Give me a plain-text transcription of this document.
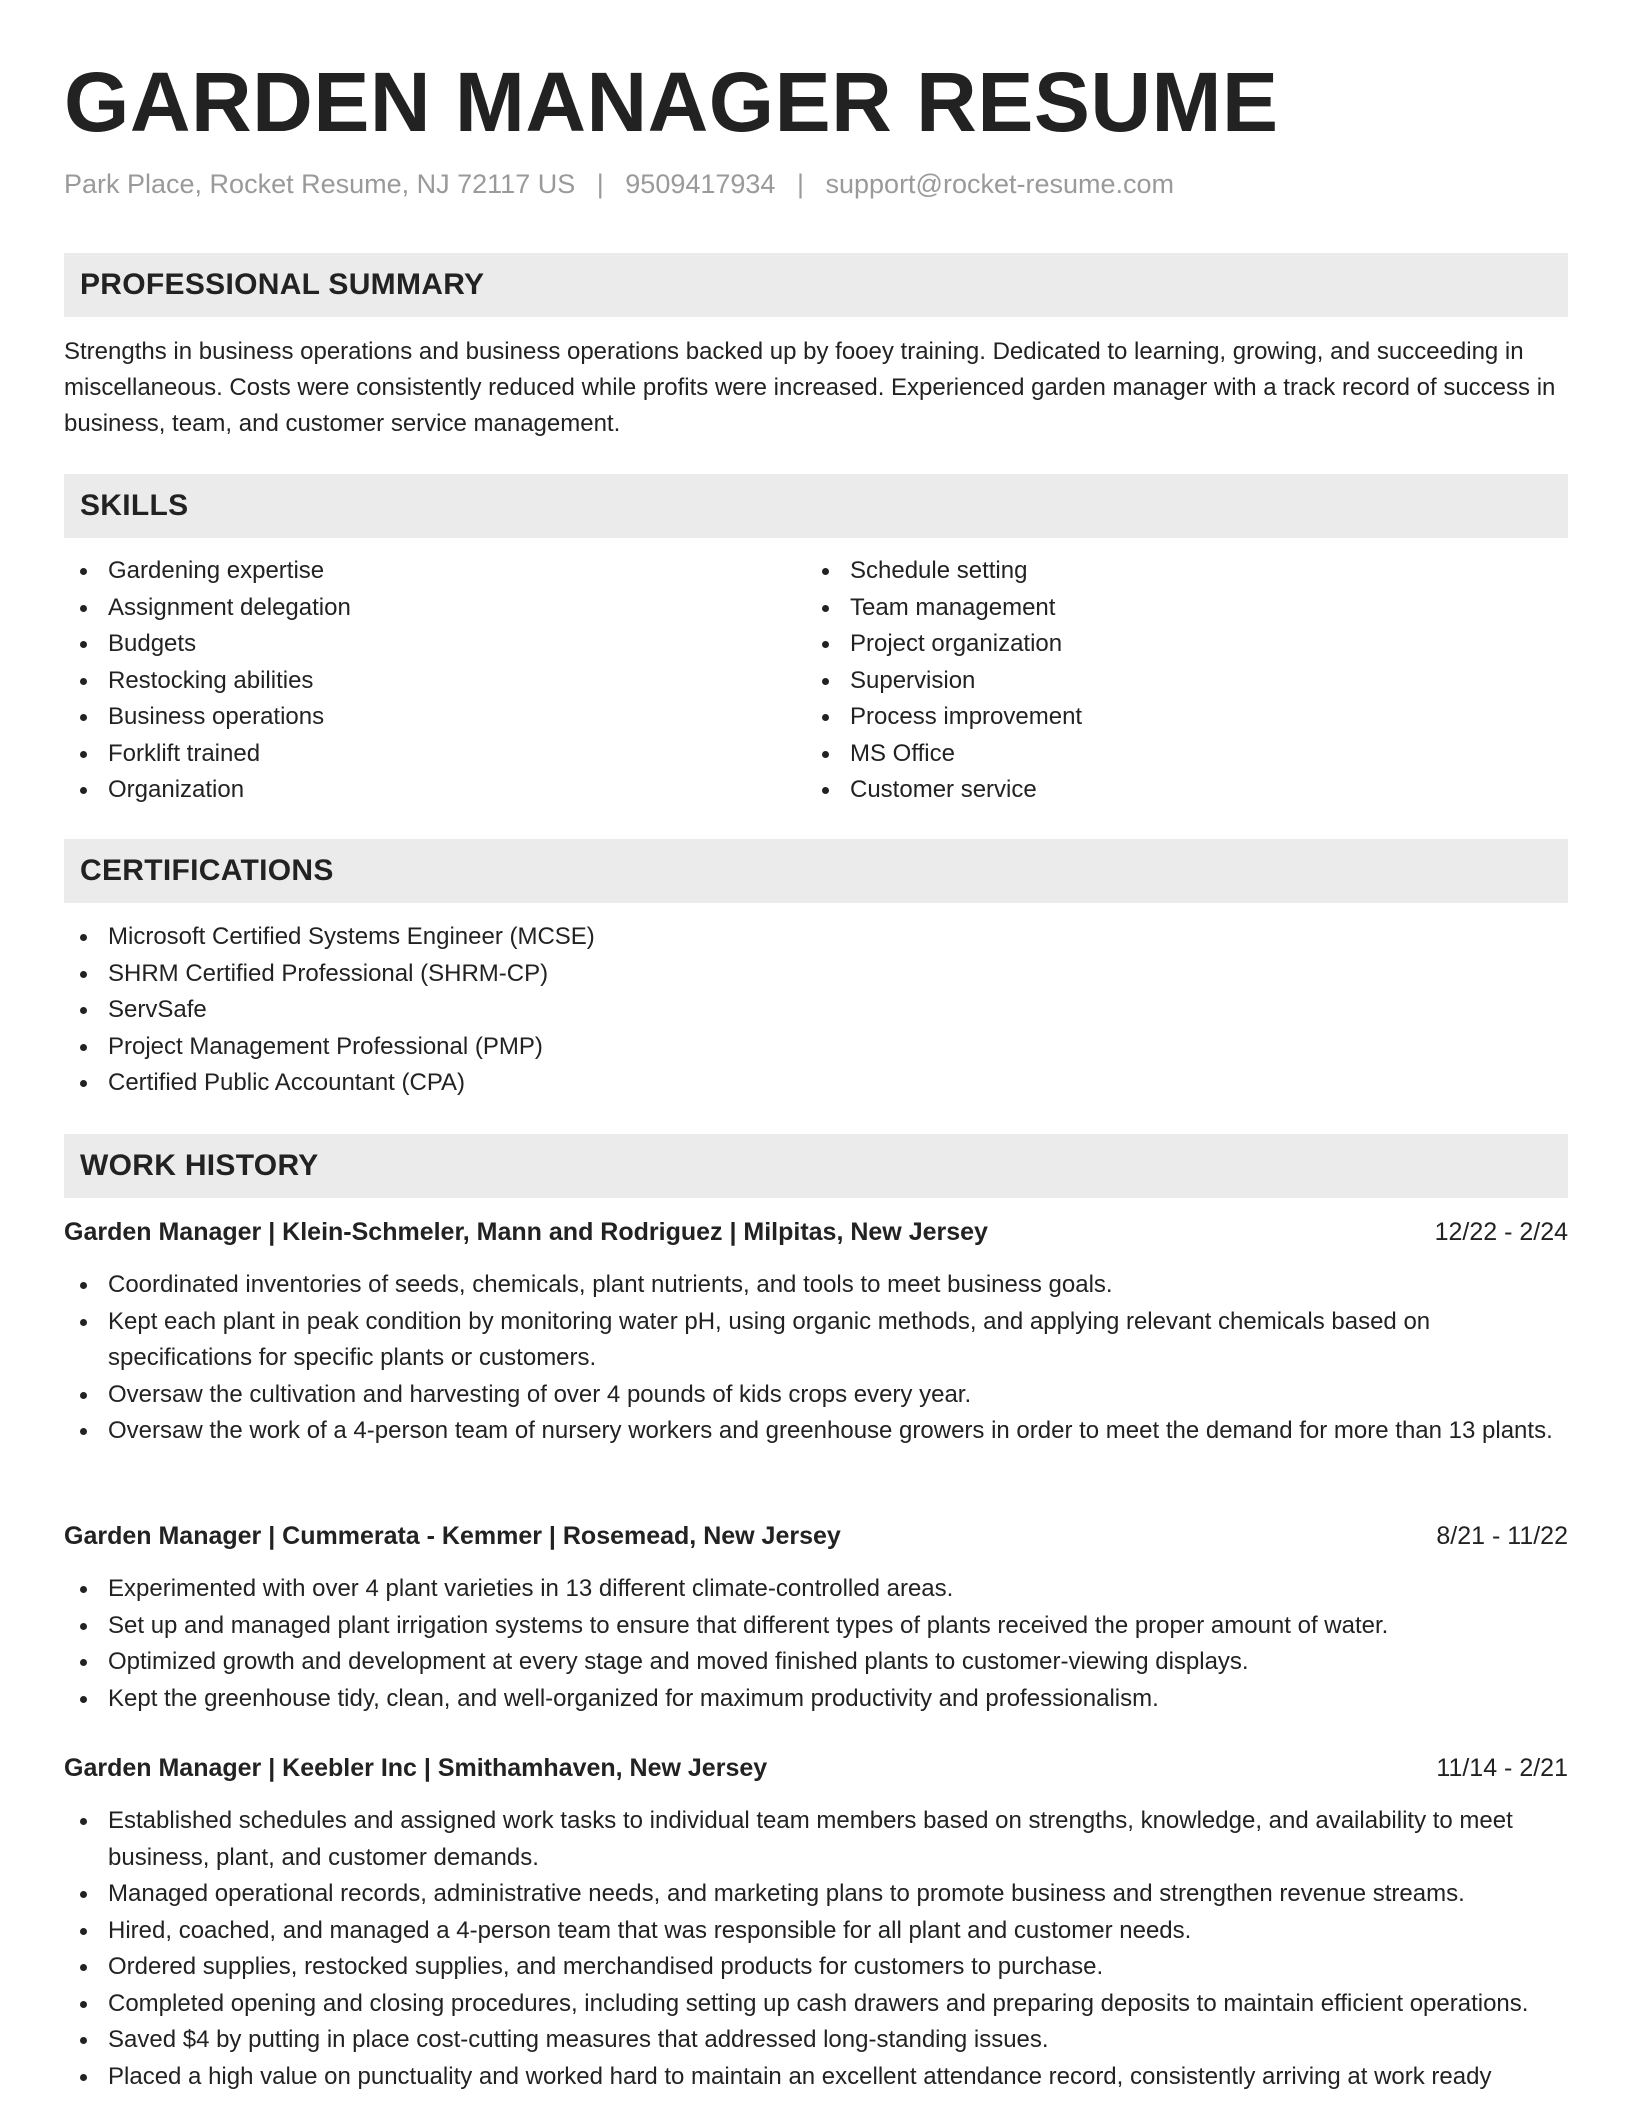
GARDEN MANAGER RESUME
Park Place, Rocket Resume, NJ 72117 US | 9509417934 | support@rocket-resume.com
PROFESSIONAL SUMMARY
Strengths in business operations and business operations backed up by fooey training. Dedicated to learning, growing, and succeeding in miscellaneous. Costs were consistently reduced while profits were increased. Experienced garden manager with a track record of success in business, team, and customer service management.
SKILLS
Gardening expertise
Assignment delegation
Budgets
Restocking abilities
Business operations
Forklift trained
Organization
Schedule setting
Team management
Project organization
Supervision
Process improvement
MS Office
Customer service
CERTIFICATIONS
Microsoft Certified Systems Engineer (MCSE)
SHRM Certified Professional (SHRM-CP)
ServSafe
Project Management Professional (PMP)
Certified Public Accountant (CPA)
WORK HISTORY
Garden Manager | Klein-Schmeler, Mann and Rodriguez | Milpitas, New Jersey	12/22 - 2/24
Coordinated inventories of seeds, chemicals, plant nutrients, and tools to meet business goals.
Kept each plant in peak condition by monitoring water pH, using organic methods, and applying relevant chemicals based on specifications for specific plants or customers.
Oversaw the cultivation and harvesting of over 4 pounds of kids crops every year.
Oversaw the work of a 4-person team of nursery workers and greenhouse growers in order to meet the demand for more than 13 plants.
Garden Manager | Cummerata - Kemmer | Rosemead, New Jersey	8/21 - 11/22
Experimented with over 4 plant varieties in 13 different climate-controlled areas.
Set up and managed plant irrigation systems to ensure that different types of plants received the proper amount of water.
Optimized growth and development at every stage and moved finished plants to customer-viewing displays.
Kept the greenhouse tidy, clean, and well-organized for maximum productivity and professionalism.
Garden Manager | Keebler Inc | Smithamhaven, New Jersey	11/14 - 2/21
Established schedules and assigned work tasks to individual team members based on strengths, knowledge, and availability to meet business, plant, and customer demands.
Managed operational records, administrative needs, and marketing plans to promote business and strengthen revenue streams.
Hired, coached, and managed a 4-person team that was responsible for all plant and customer needs.
Ordered supplies, restocked supplies, and merchandised products for customers to purchase.
Completed opening and closing procedures, including setting up cash drawers and preparing deposits to maintain efficient operations.
Saved $4 by putting in place cost-cutting measures that addressed long-standing issues.
Placed a high value on punctuality and worked hard to maintain an excellent attendance record, consistently arriving at work ready
